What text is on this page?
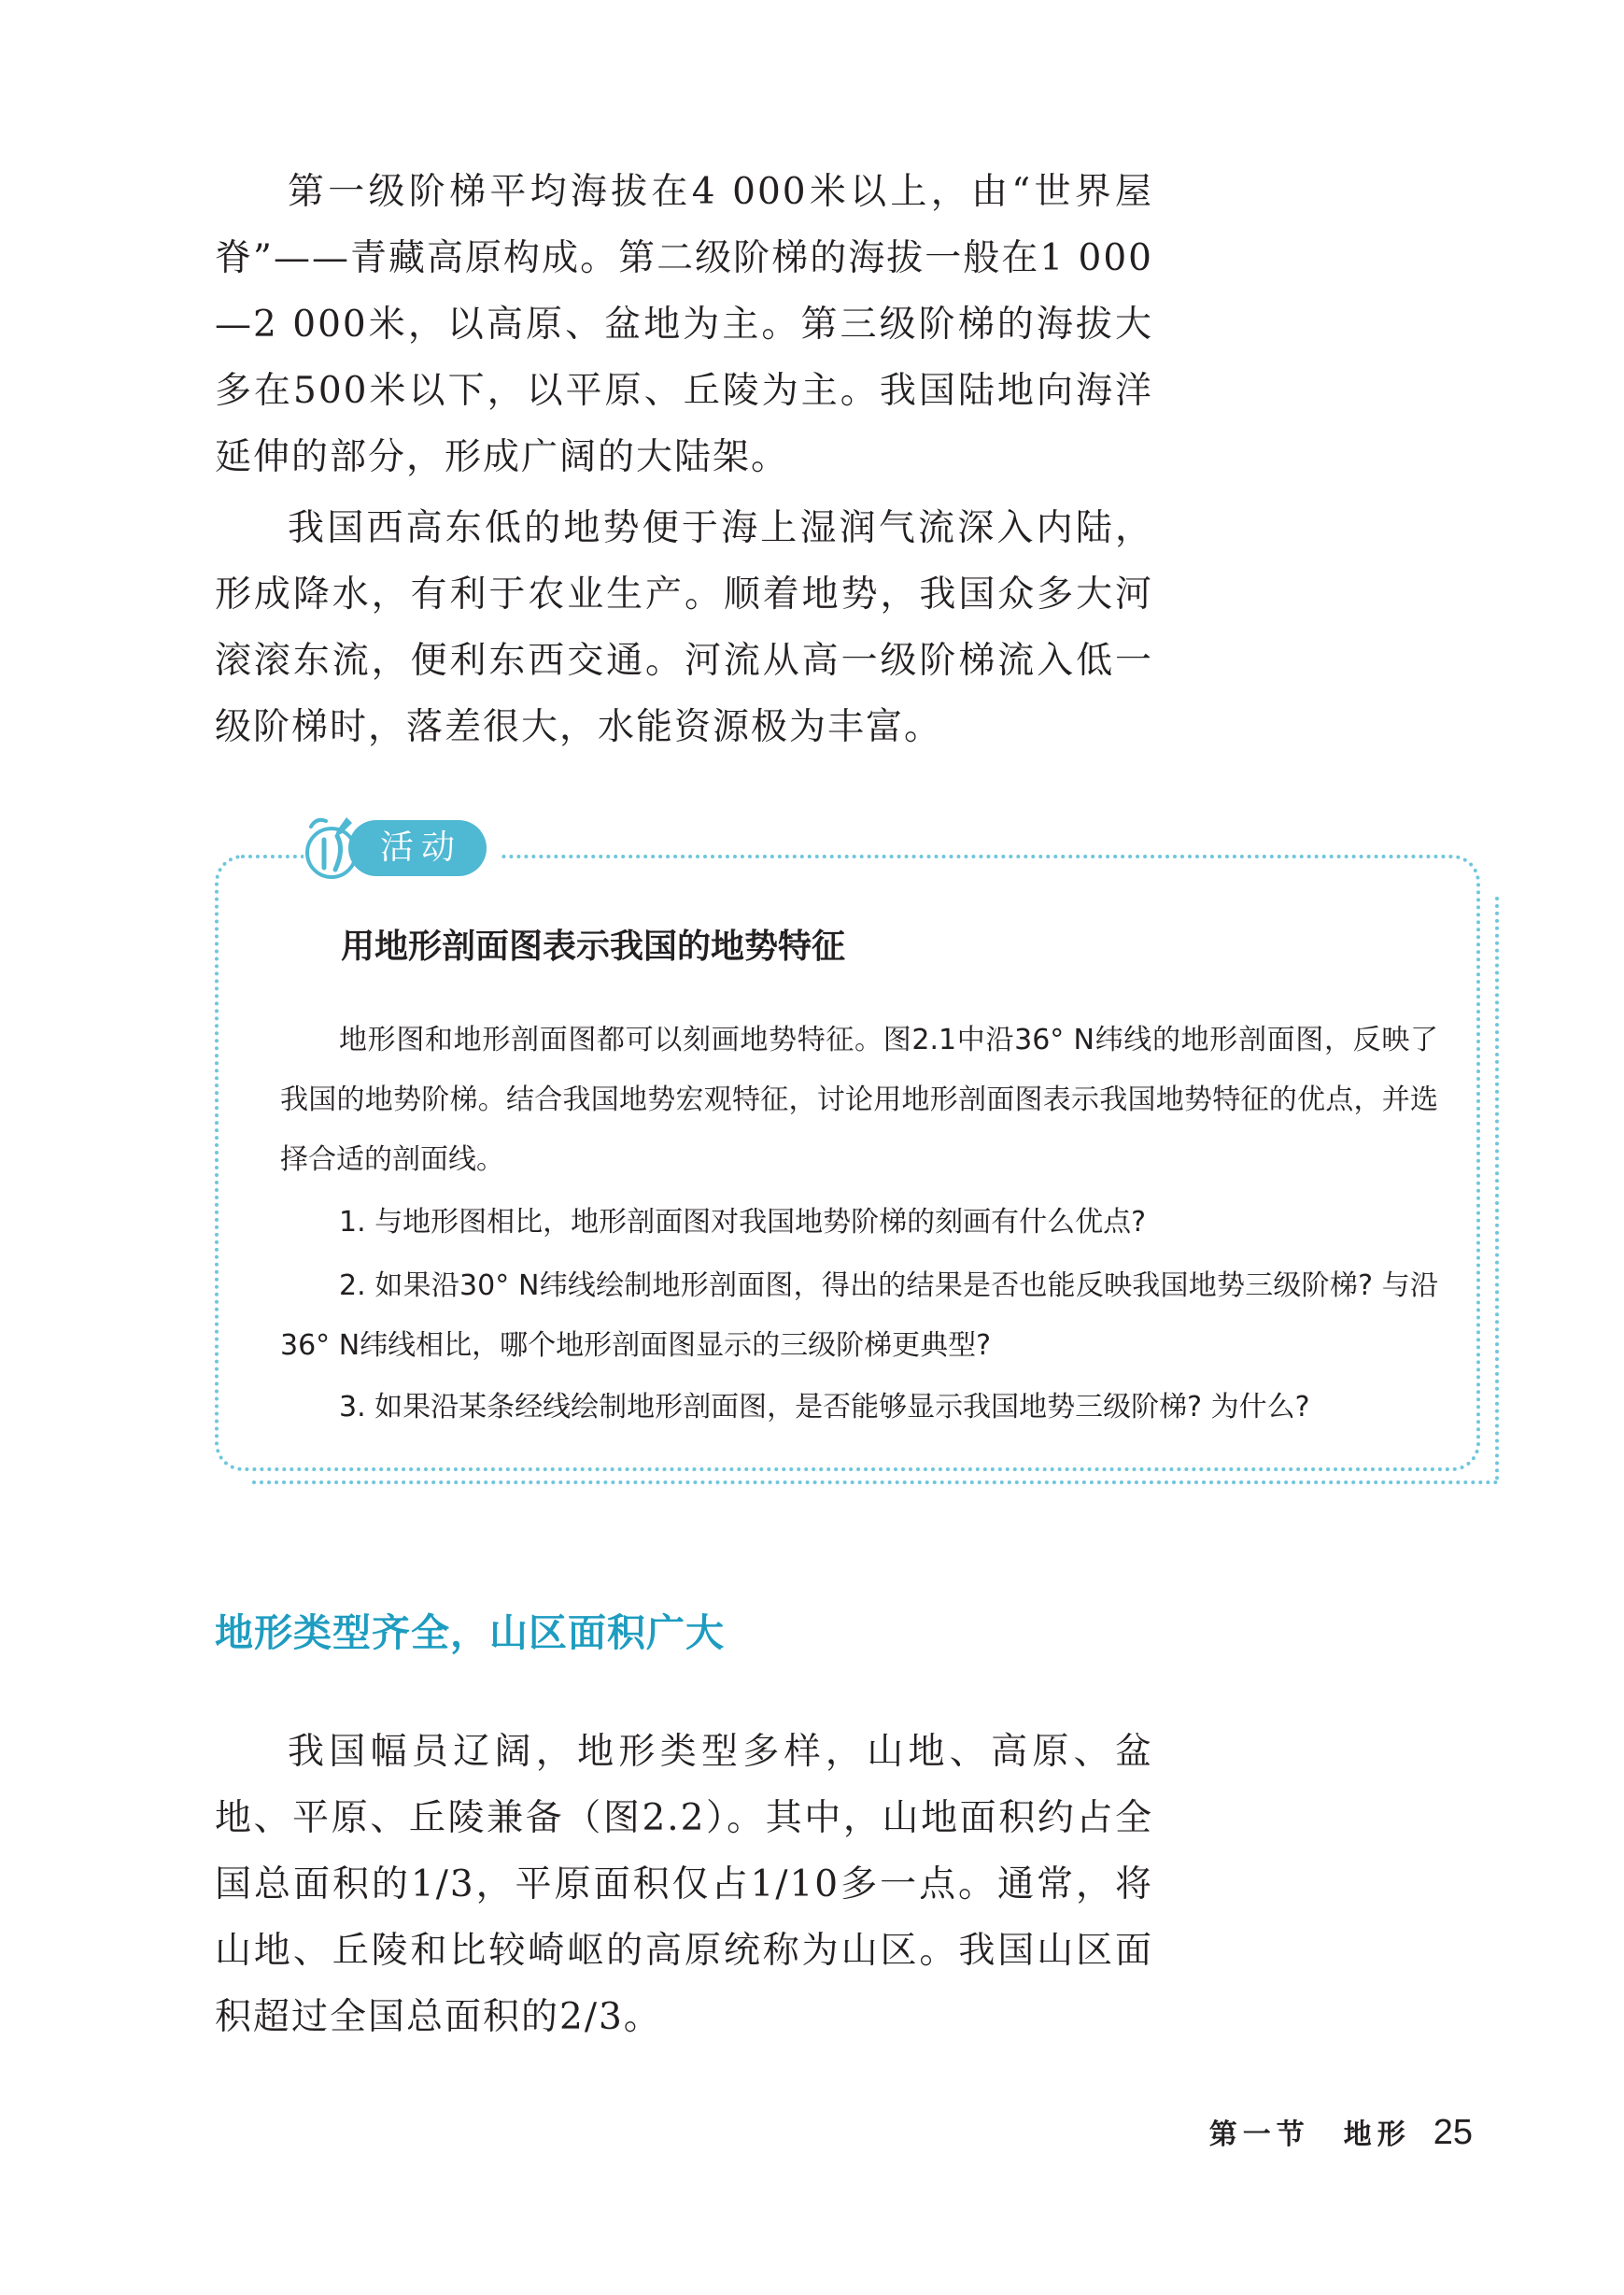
第一级阶梯平均海拔在4 000米以上，由“世界屋脊”——青藏高原构成。第二级阶梯的海拔一般在1 000—2 000米，以高原、盆地为主。第三级阶梯的海拔大多在500米以下，以平原、丘陵为主。我国陆地向海洋延伸的部分，形成广阔的大陆架。

我国西高东低的地势便于海上湿润气流深入内陆，形成降水，有利于农业生产。顺着地势，我国众多大河滚滚东流，便利东西交通。河流从高一级阶梯流入低一级阶梯时，落差很大，水能资源极为丰富。

活动
用地形剖面图表示我国的地势特征

地形图和地形剖面图都可以刻画地势特征。图2.1中沿36° N纬线的地形剖面图，反映了我国的地势阶梯。结合我国地势宏观特征，讨论用地形剖面图表示我国地势特征的优点，并选择合适的剖面线。

1. 与地形图相比，地形剖面图对我国地势阶梯的刻画有什么优点?

2. 如果沿30° N纬线绘制地形剖面图，得出的结果是否也能反映我国地势三级阶梯? 与沿36° N纬线相比，哪个地形剖面图显示的三级阶梯更典型?

3. 如果沿某条经线绘制地形剖面图，是否能够显示我国地势三级阶梯? 为什么?

地形类型齐全，山区面积广大

我国幅员辽阔，地形类型多样，山地、高原、盆地、平原、丘陵兼备（图2.2）。其中，山地面积约占全国总面积的1/3，平原面积仅占1/10多一点。通常，将山地、丘陵和比较崎岖的高原统称为山区。我国山区面积超过全国总面积的2/3。

第一节　地形 25
